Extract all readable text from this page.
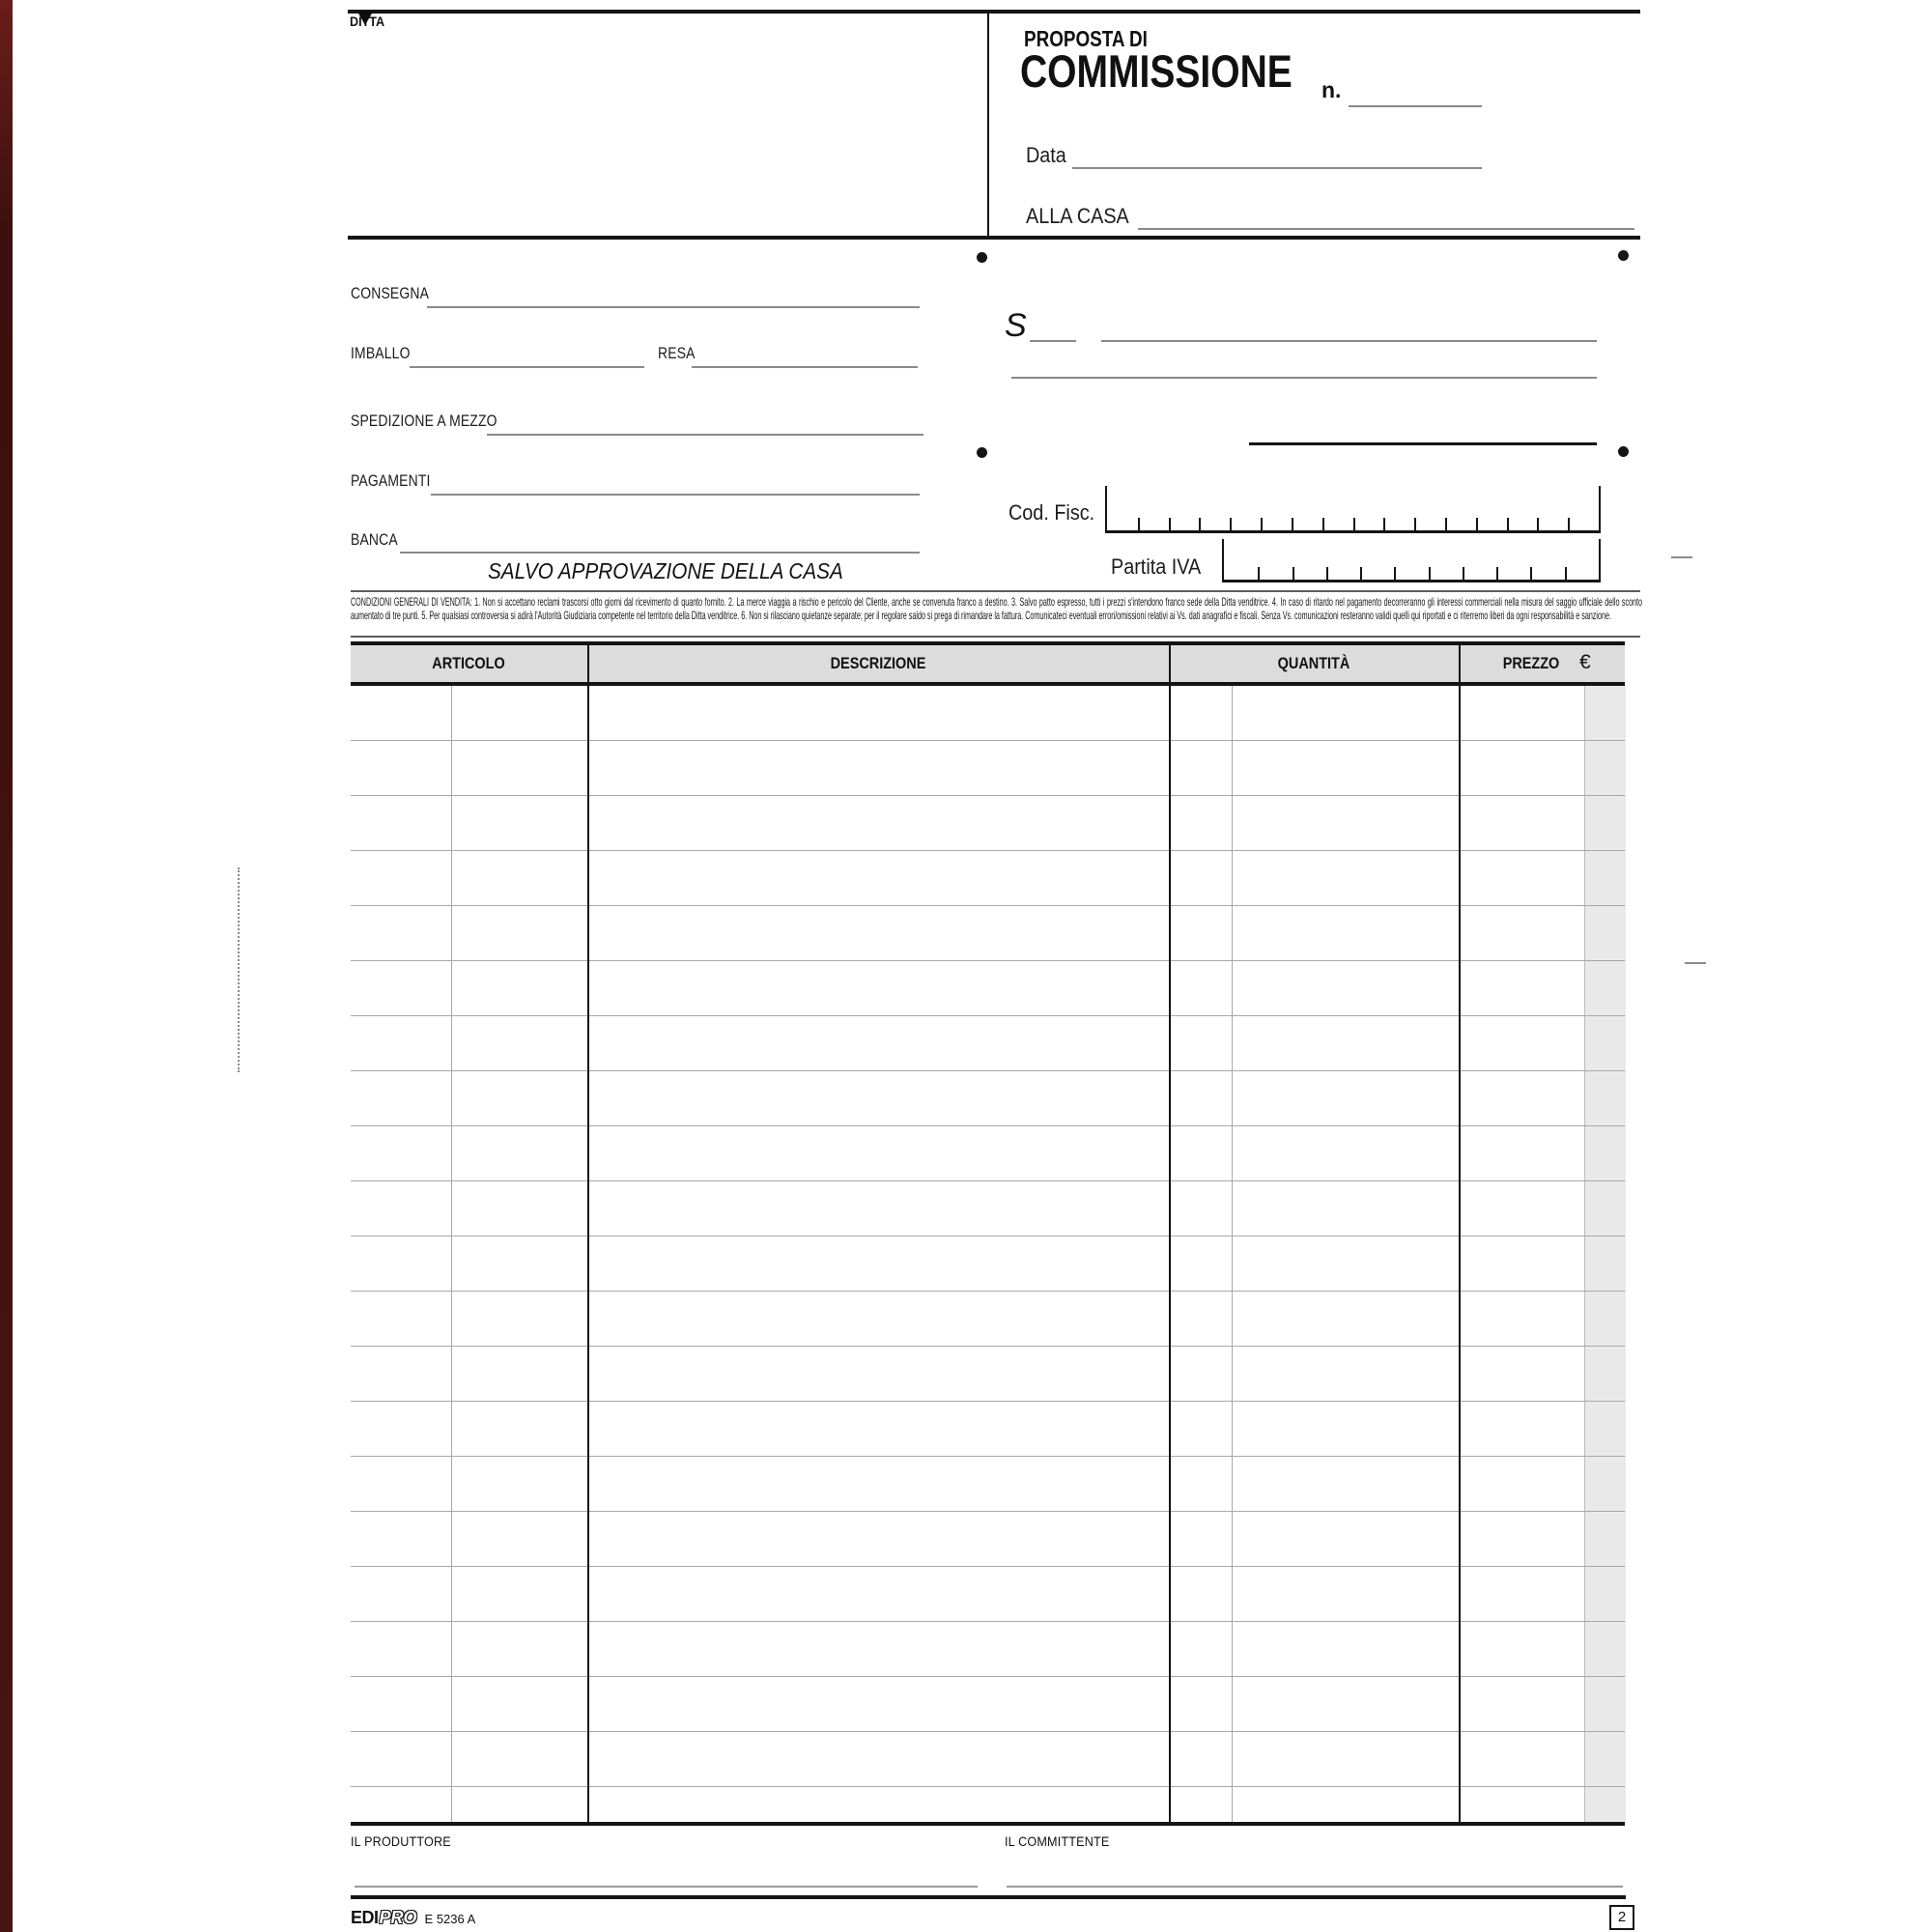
DITTA
PROPOSTA DI
COMMISSIONE	n.
Data
ALLA CASA
CONSEGNA
IMBALLO	RESA
SPEDIZIONE A MEZZO
PAGAMENTI
BANCA
SALVO APPROVAZIONE DELLA CASA
S
Cod. Fisc.
Partita IVA
CONDIZIONI GENERALI DI VENDITA: 1. Non si accettano reclami trascorsi otto giorni dal ricevimento di quanto fornito. 2. La merce viaggia a rischio e pericolo del Cliente, anche se convenuta franco a destino. 3. Salvo patto espresso, tutti i prezzi s'intendono franco sede della Ditta venditrice. 4. In caso di ritardo nel pagamento decorreranno gli interessi commerciali nella misura del saggio ufficiale dello sconto aumentato di tre punti. 5. Per qualsiasi controversia si adirà l'Autorità Giudiziaria competente nel territorio della Ditta venditrice. 6. Non si rilasciano quietanze separate; per il regolare saldo si prega di rimandare la fattura. Comunicateci eventuali errori/omissioni relativi ai Vs. dati anagrafici e fiscali. Senza Vs. comunicazioni resteranno validi quelli qui riportati e ci riterremo liberi da ogni responsabilità e sanzione.
ARTICOLO	DESCRIZIONE	QUANTITÀ	PREZZO €
IL PRODUTTORE	IL COMMITTENTE
EDIPRO E 5236 A	2
